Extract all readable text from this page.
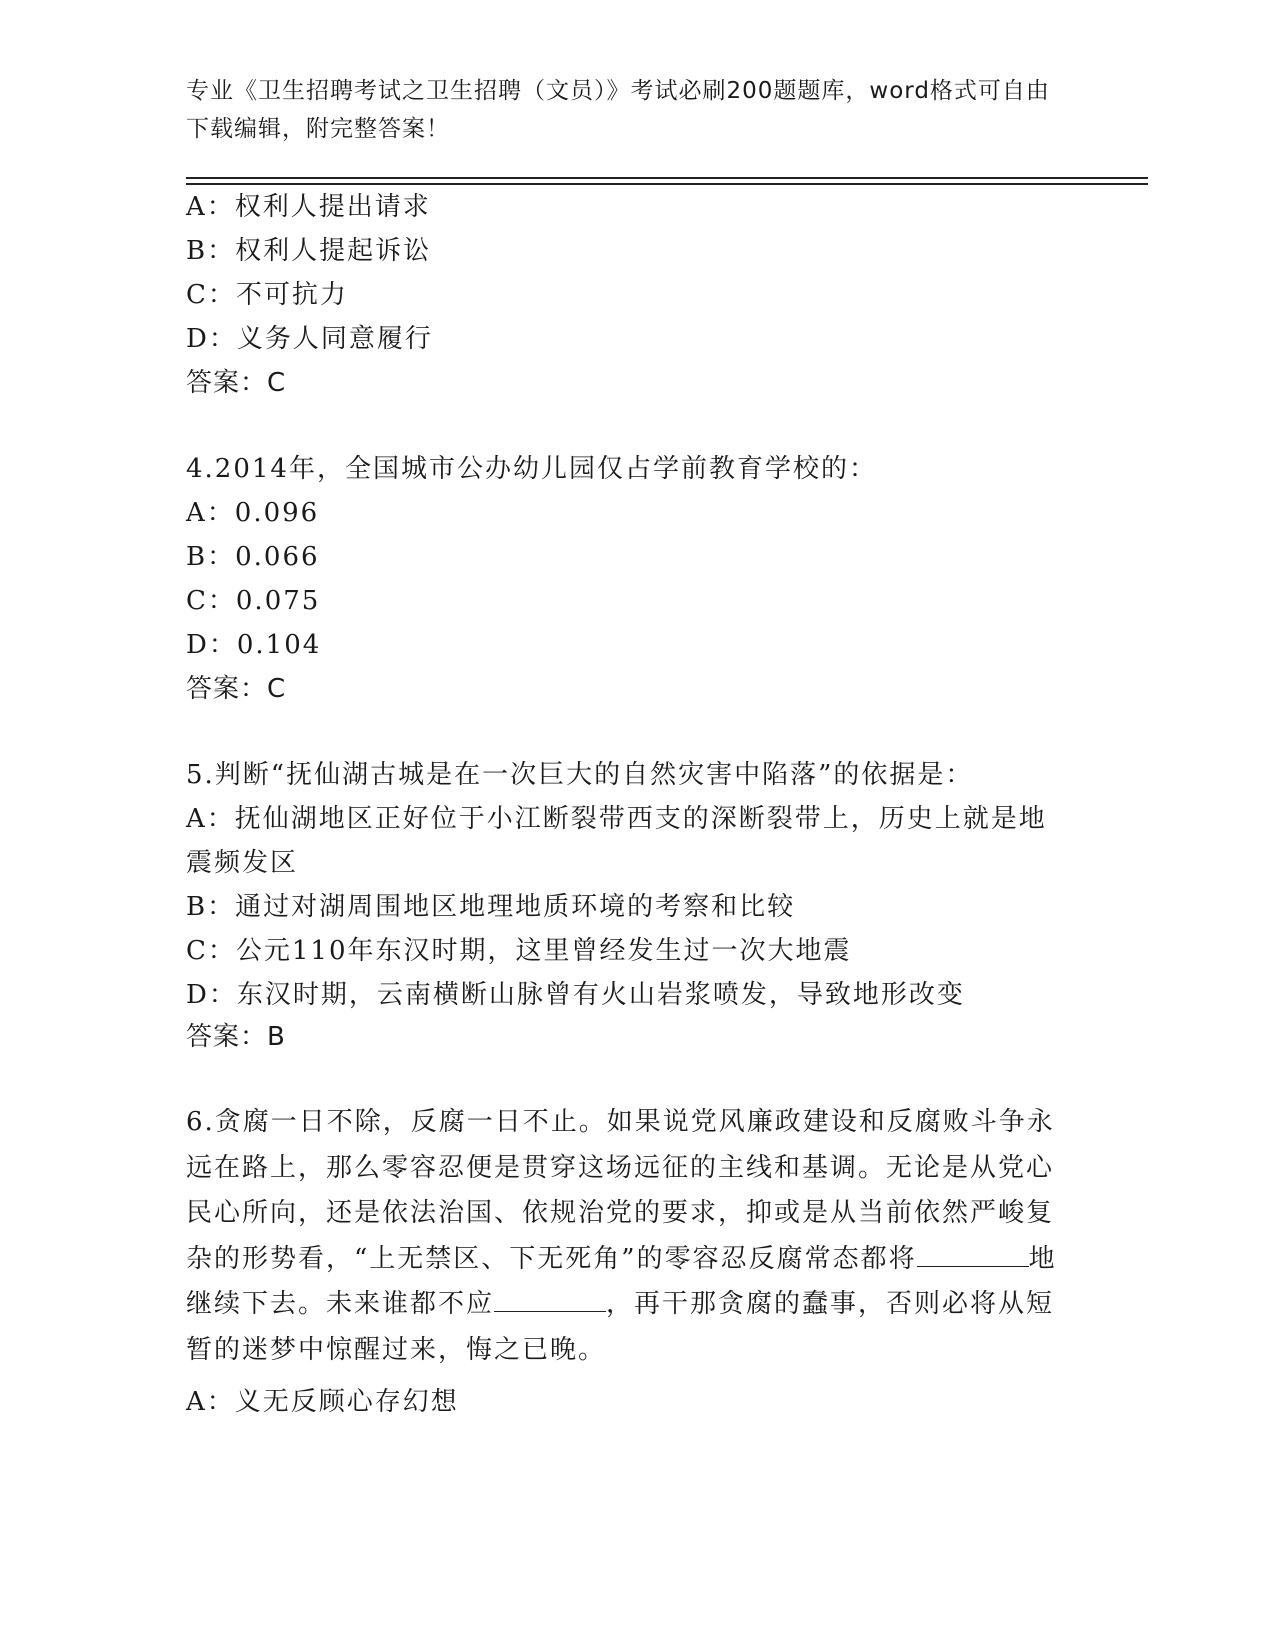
专业《卫生招聘考试之卫生招聘（文员）》考试必刷200题题库，word格式可自由下载编辑，附完整答案！
A：权利人提出请求
B：权利人提起诉讼
C：不可抗力
D：义务人同意履行
答案：C
4.2014年，全国城市公办幼儿园仅占学前教育学校的：
A：0.096
B：0.066
C：0.075
D：0.104
答案：C
5.判断“抚仙湖古城是在一次巨大的自然灾害中陷落”的依据是：
A：抚仙湖地区正好位于小江断裂带西支的深断裂带上，历史上就是地
震频发区
B：通过对湖周围地区地理地质环境的考察和比较
C：公元110年东汉时期，这里曾经发生过一次大地震
D：东汉时期，云南横断山脉曾有火山岩浆喷发，导致地形改变
答案：B
6.贪腐一日不除，反腐一日不止。如果说党风廉政建设和反腐败斗争永远在路上，那么零容忍便是贯穿这场远征的主线和基调。无论是从党心民心所向，还是依法治国、依规治党的要求，抑或是从当前依然严峻复杂的形势看，“上无禁区、下无死角”的零容忍反腐常态都将	地继续下去。未来谁都不应	，再干那贪腐的蠢事，否则必将从短暂的迷梦中惊醒过来，悔之已晚。
A：义无反顾心存幻想
